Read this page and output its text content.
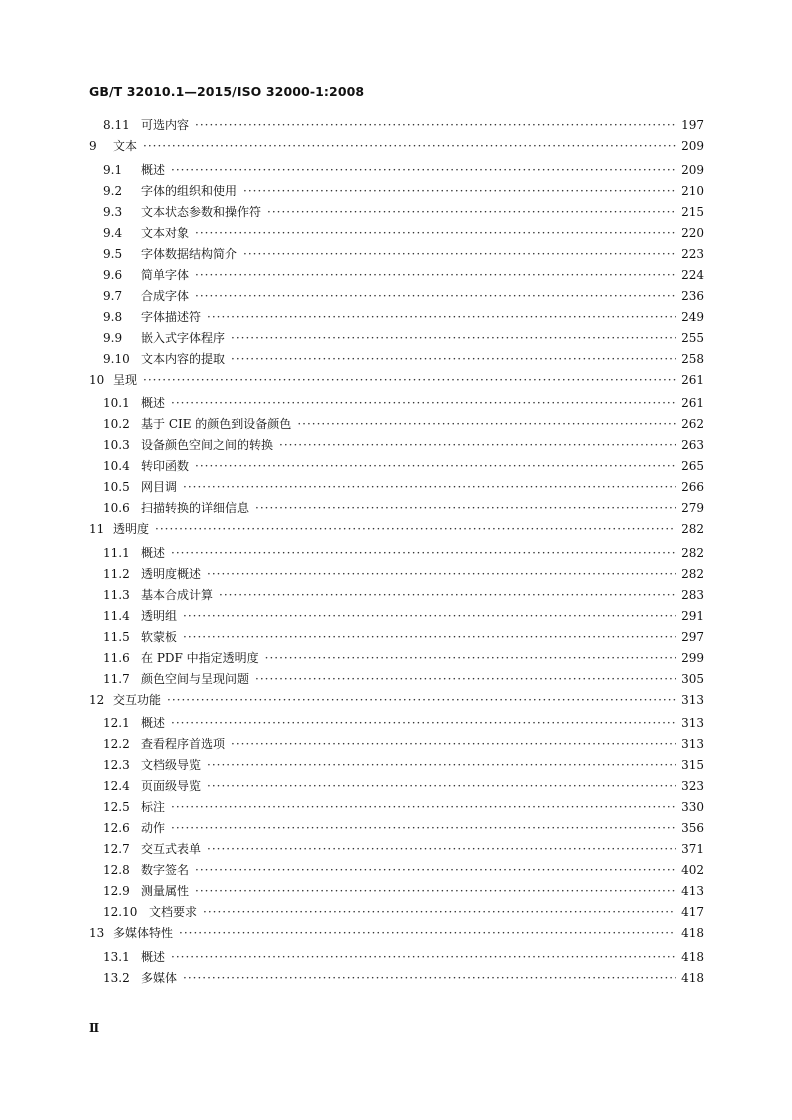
GB/T 32010.1—2015/ISO 32000-1:2008
8.11 可选内容 ·····	197
9	文本 ·····	209
9.1	概述 ·····	209
9.2	字体的组织和使用 ·····	210
9.3	文本状态参数和操作符 ·····	215
9.4	文本对象 ·····	220
9.5	字体数据结构简介 ·····	223
9.6	简单字体 ·····	224
9.7	合成字体 ·····	236
9.8	字体描述符 ·····	249
9.9	嵌入式字体程序 ·····	255
9.10 文本内容的提取 ·····	258
10 呈现 ·····	261
10.1 概述 ·····	261
10.2 基于 CIE 的颜色到设备颜色 ·····	262
10.3 设备颜色空间之间的转换 ·····	263
10.4 转印函数 ·····	265
10.5 网目调 ·····	266
10.6 扫描转换的详细信息 ·····	279
11 透明度 ·····	282
11.1 概述 ·····	282
11.2 透明度概述 ·····	282
11.3 基本合成计算 ·····	283
11.4 透明组 ·····	291
11.5 软蒙板 ·····	297
11.6 在 PDF 中指定透明度 ·····	299
11.7 颜色空间与呈现问题 ·····	305
12 交互功能 ·····	313
12.1 概述 ·····	313
12.2 查看程序首选项 ·····	313
12.3 文档级导览 ·····	315
12.4 页面级导览 ·····	323
12.5 标注 ·····	330
12.6 动作 ·····	356
12.7 交互式表单 ·····	371
12.8 数字签名 ·····	402
12.9 测量属性 ·····	413
12.10 文档要求 ·····	417
13 多媒体特性 ·····	418
13.1 概述 ·····	418
13.2 多媒体 ·····	418
Ⅱ
